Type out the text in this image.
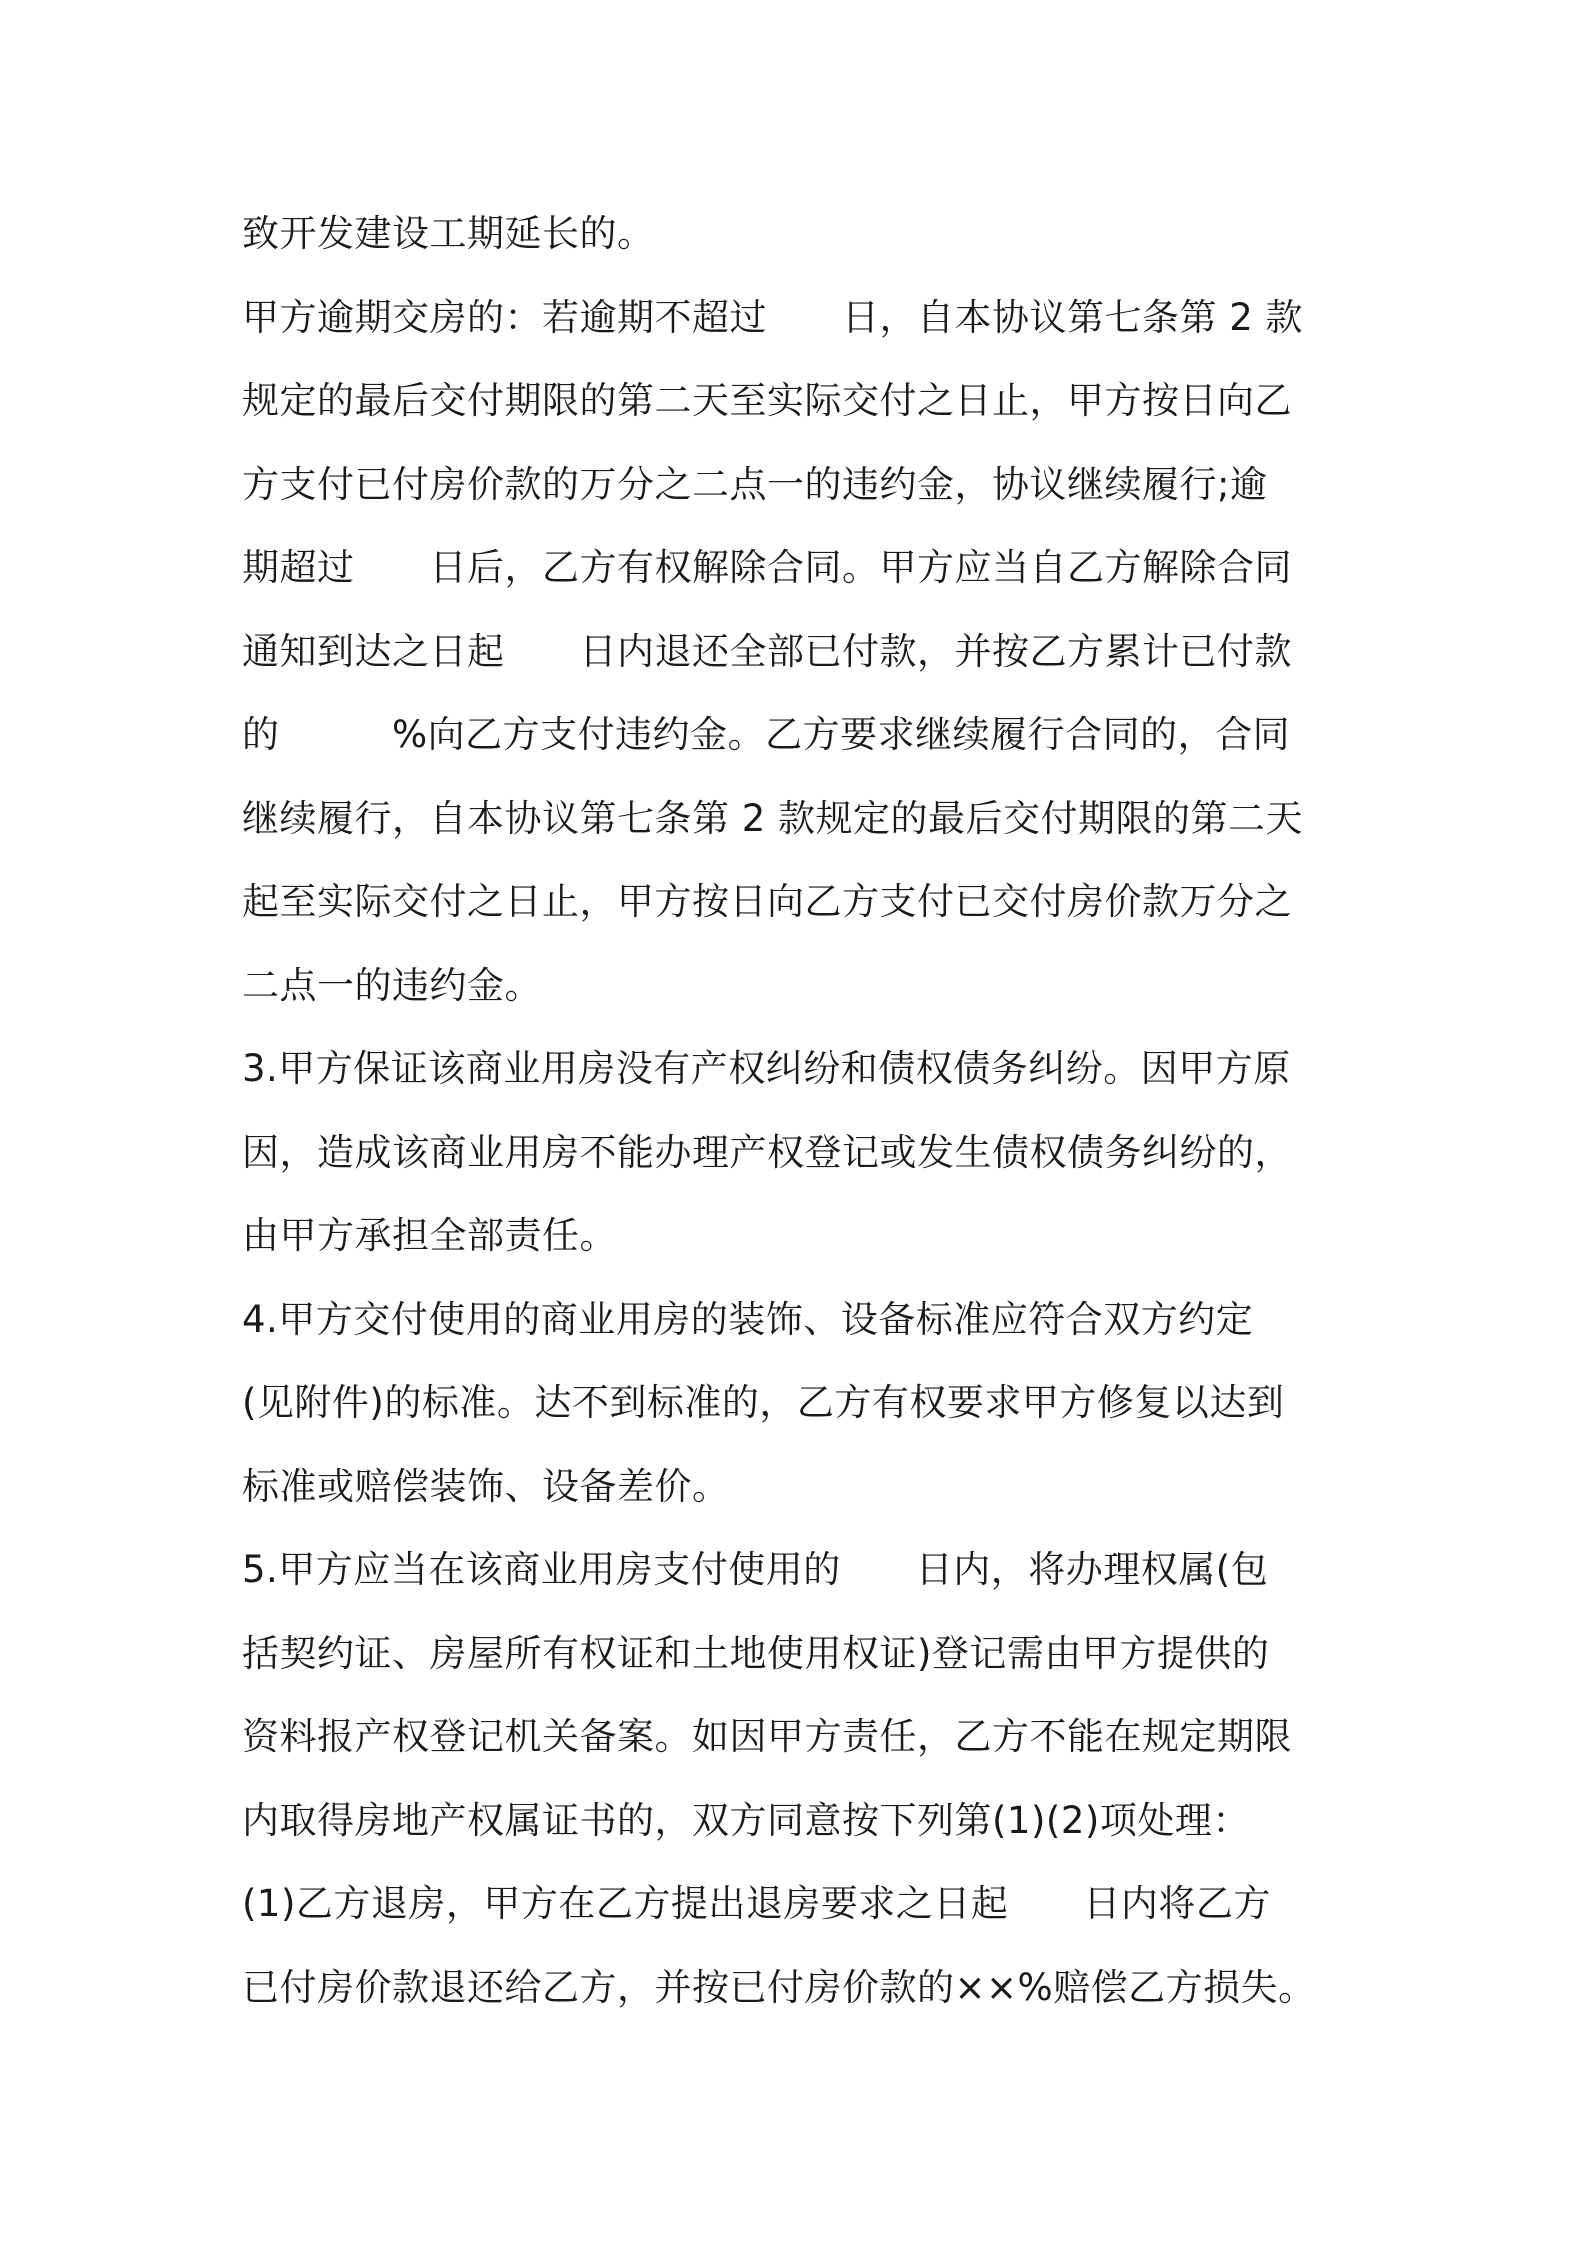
致开发建设工期延长的。
甲方逾期交房的：若逾期不超过　　日，自本协议第七条第 2 款
规定的最后交付期限的第二天至实际交付之日止，甲方按日向乙
方支付已付房价款的万分之二点一的违约金，协议继续履行;逾
期超过　　日后，乙方有权解除合同。甲方应当自乙方解除合同
通知到达之日起　　日内退还全部已付款，并按乙方累计已付款
的　　　%向乙方支付违约金。乙方要求继续履行合同的，合同
继续履行，自本协议第七条第 2 款规定的最后交付期限的第二天
起至实际交付之日止，甲方按日向乙方支付已交付房价款万分之
二点一的违约金。
3.甲方保证该商业用房没有产权纠纷和债权债务纠纷。因甲方原
因，造成该商业用房不能办理产权登记或发生债权债务纠纷的，
由甲方承担全部责任。
4.甲方交付使用的商业用房的装饰、设备标准应符合双方约定
(见附件)的标准。达不到标准的，乙方有权要求甲方修复以达到
标准或赔偿装饰、设备差价。
5.甲方应当在该商业用房支付使用的　　日内，将办理权属(包
括契约证、房屋所有权证和土地使用权证)登记需由甲方提供的
资料报产权登记机关备案。如因甲方责任，乙方不能在规定期限
内取得房地产权属证书的，双方同意按下列第(1)(2)项处理：
(1)乙方退房，甲方在乙方提出退房要求之日起　　日内将乙方
已付房价款退还给乙方，并按已付房价款的××%赔偿乙方损失。
